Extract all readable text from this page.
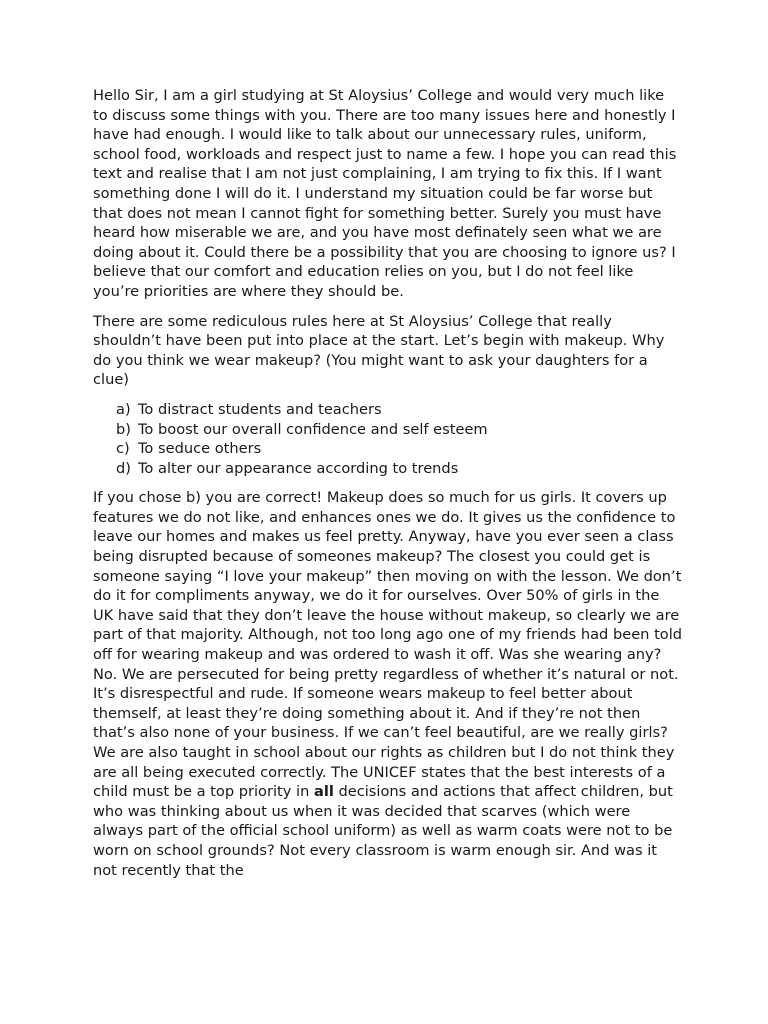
Hello Sir, I am a girl studying at St Aloysius’ College and would very much like to discuss some things with you. There are too many issues here and honestly I have had enough. I would like to talk about our unnecessary rules, uniform, school food, workloads and respect just to name a few. I hope you can read this text and realise that I am not just complaining, I am trying to fix this. If I want something done I will do it. I understand my situation could be far worse but that does not mean I cannot fight for something better. Surely you must have heard how miserable we are, and you have most definately seen what we are doing about it. Could there be a possibility that you are choosing to ignore us? I believe that our comfort and education relies on you, but I do not feel like you’re priorities are where they should be.

There are some rediculous rules here at St Aloysius’ College that really shouldn’t have been put into place at the start. Let’s begin with makeup. Why do you think we wear makeup? (You might want to ask your daughters for a clue)

a) To distract students and teachers
b) To boost our overall confidence and self esteem
c) To seduce others
d) To alter our appearance according to trends

If you chose b) you are correct! Makeup does so much for us girls. It covers up features we do not like, and enhances ones we do. It gives us the confidence to leave our homes and makes us feel pretty. Anyway, have you ever seen a class being disrupted because of someones makeup? The closest you could get is someone saying “I love your makeup” then moving on with the lesson. We don’t do it for compliments anyway, we do it for ourselves. Over 50% of girls in the UK have said that they don’t leave the house without makeup, so clearly we are part of that majority. Although, not too long ago one of my friends had been told off for wearing makeup and was ordered to wash it off. Was she wearing any? No. We are persecuted for being pretty regardless of whether it’s natural or not. It’s disrespectful and rude. If someone wears makeup to feel better about themself, at least they’re doing something about it. And if they’re not then that’s also none of your business. If we can’t feel beautiful, are we really girls? We are also taught in school about our rights as children but I do not think they are all being executed correctly. The UNICEF states that the best interests of a child must be a top priority in all decisions and actions that affect children, but who was thinking about us when it was decided that scarves (which were always part of the official school uniform) as well as warm coats were not to be worn on school grounds? Not every classroom is warm enough sir. And was it not recently that the
